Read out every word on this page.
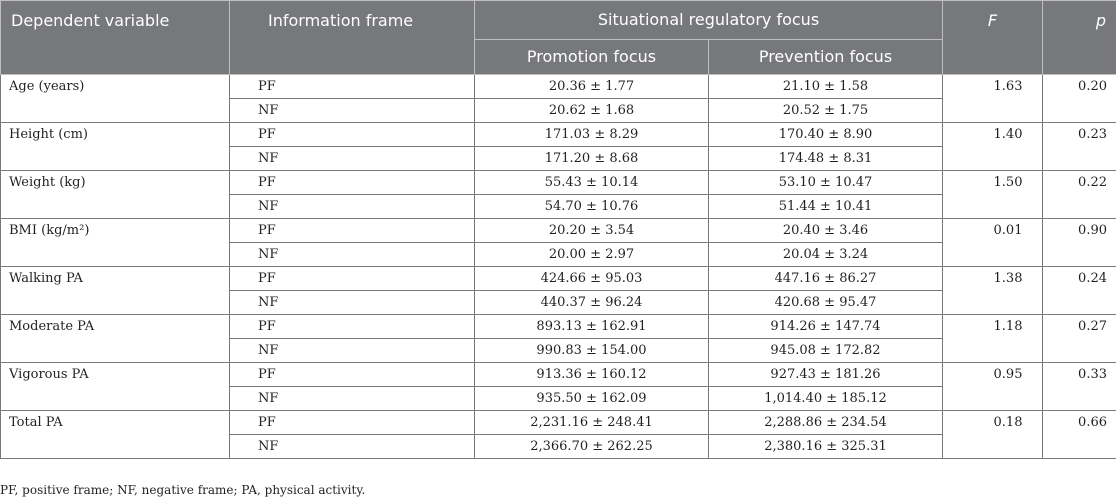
Dependent variable	Information frame	Situational regulatory focus		F	p
		Promotion focus	Prevention focus		
Age (years)	PF	20.36 ± 1.77	21.10 ± 1.58	1.63	0.20
	NF	20.62 ± 1.68	20.52 ± 1.75		
Height (cm)	PF	171.03 ± 8.29	170.40 ± 8.90	1.40	0.23
	NF	171.20 ± 8.68	174.48 ± 8.31		
Weight (kg)	PF	55.43 ± 10.14	53.10 ± 10.47	1.50	0.22
	NF	54.70 ± 10.76	51.44 ± 10.41		
BMI (kg/m²)	PF	20.20 ± 3.54	20.40 ± 3.46	0.01	0.90
	NF	20.00 ± 2.97	20.04 ± 3.24		
Walking PA	PF	424.66 ± 95.03	447.16 ± 86.27	1.38	0.24
	NF	440.37 ± 96.24	420.68 ± 95.47		
Moderate PA	PF	893.13 ± 162.91	914.26 ± 147.74	1.18	0.27
	NF	990.83 ± 154.00	945.08 ± 172.82		
Vigorous PA	PF	913.36 ± 160.12	927.43 ± 181.26	0.95	0.33
	NF	935.50 ± 162.09	1,014.40 ± 185.12		
Total PA	PF	2,231.16 ± 248.41	2,288.86 ± 234.54	0.18	0.66
	NF	2,366.70 ± 262.25	2,380.16 ± 325.31		
PF, positive frame; NF, negative frame; PA, physical activity.
